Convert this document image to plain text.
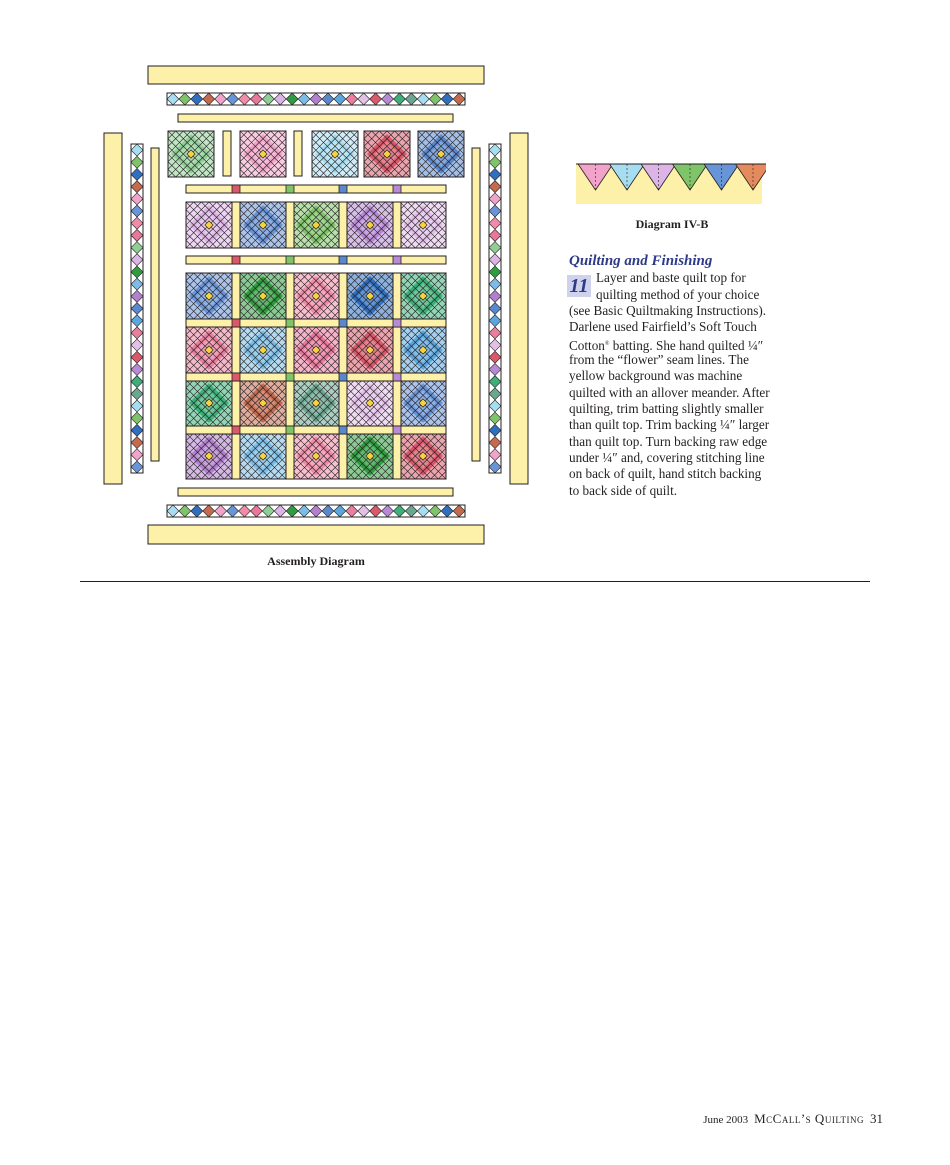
Assembly Diagram
Diagram IV-B
Quilting and Finishing
11 Layer and baste quilt top for
quilting method of your choice
(see Basic Quiltmaking Instructions).
Darlene used Fairfield’s Soft Touch
Cotton® batting. She hand quilted ¼″
from the “flower” seam lines. The
yellow background was machine
quilted with an allover meander. After
quilting, trim batting slightly smaller
than quilt top. Trim backing ¼″ larger
than quilt top. Turn backing raw edge
under ¼″ and, covering stitching line
on back of quilt, hand stitch backing
to back side of quilt.
June 2003 McCall’s Quilting 31
